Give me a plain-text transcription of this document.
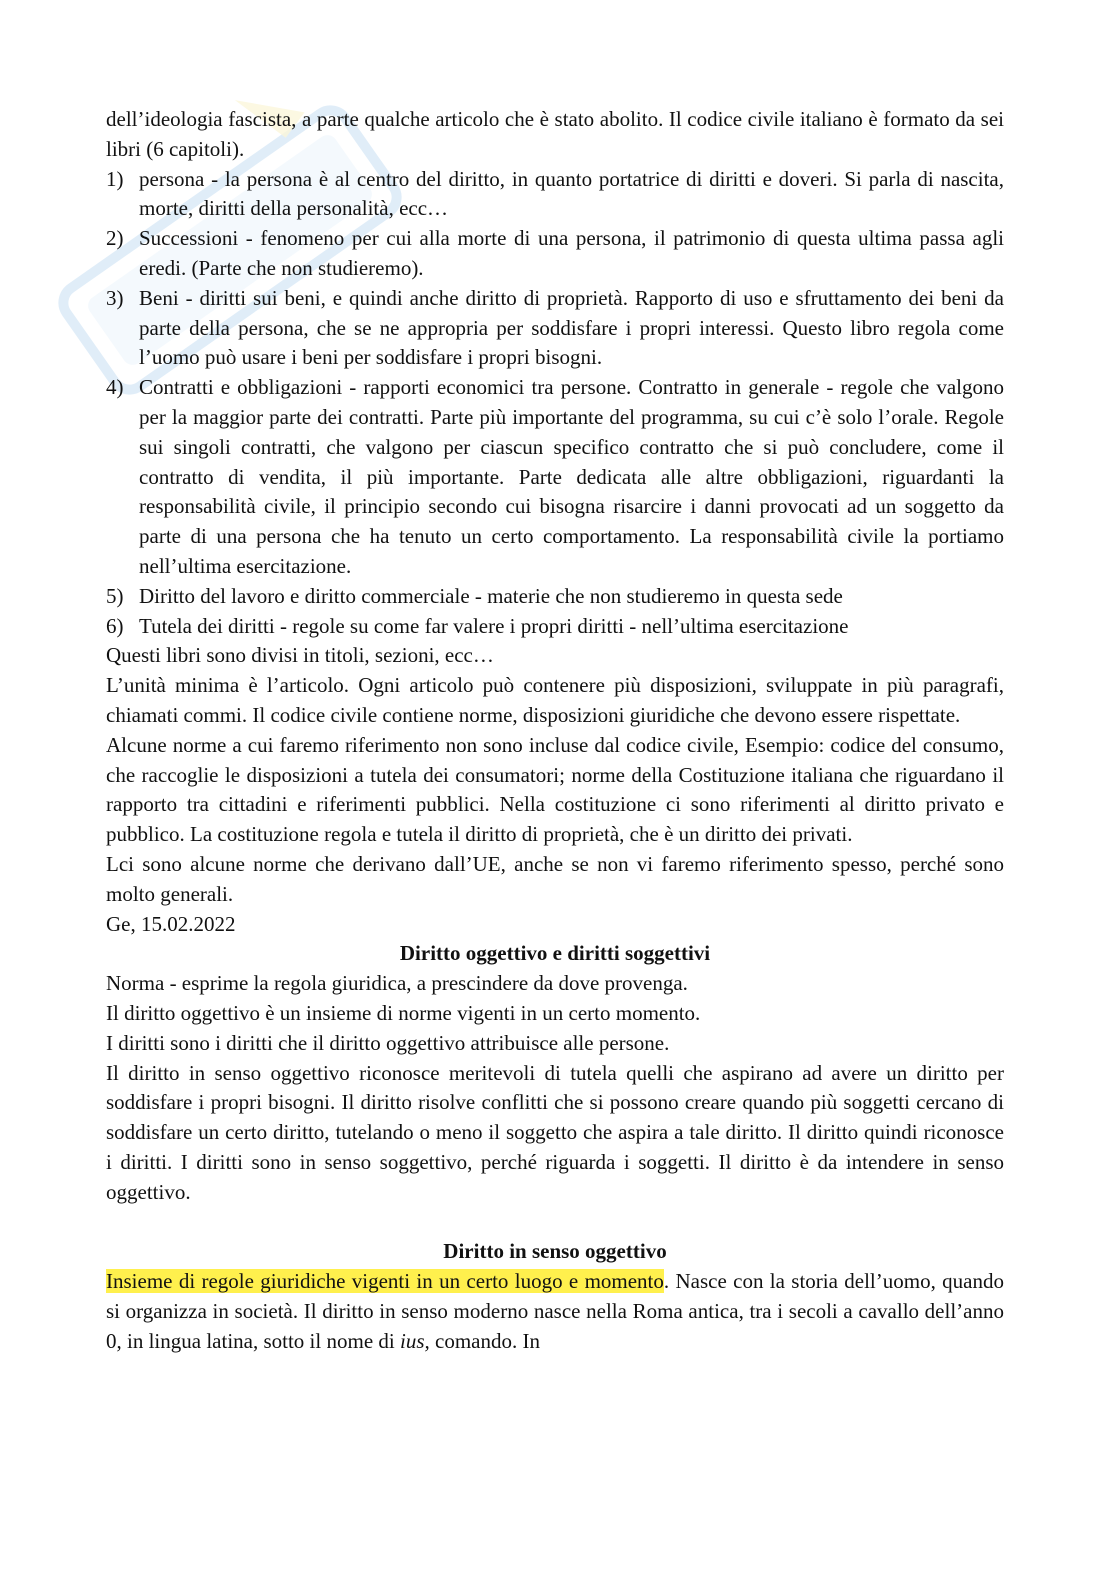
dell’ideologia fascista, a parte qualche articolo che è stato abolito. Il codice civile italiano è formato da sei libri (6 capitoli).

1) persona - la persona è al centro del diritto, in quanto portatrice di diritti e doveri. Si parla di nascita, morte, diritti della personalità, ecc…
2) Successioni - fenomeno per cui alla morte di una persona, il patrimonio di questa ultima passa agli eredi. (Parte che non studieremo).
3) Beni - diritti sui beni, e quindi anche diritto di proprietà. Rapporto di uso e sfruttamento dei beni da parte della persona, che se ne appropria per soddisfare i propri interessi. Questo libro regola come l’uomo può usare i beni per soddisfare i propri bisogni.
4) Contratti e obbligazioni - rapporti economici tra persone. Contratto in generale - regole che valgono per la maggior parte dei contratti. Parte più importante del programma, su cui c’è solo l’orale. Regole sui singoli contratti, che valgono per ciascun specifico contratto che si può concludere, come il contratto di vendita, il più importante. Parte dedicata alle altre obbligazioni, riguardanti la responsabilità civile, il principio secondo cui bisogna risarcire i danni provocati ad un soggetto da parte di una persona che ha tenuto un certo comportamento. La responsabilità civile la portiamo nell’ultima esercitazione.
5) Diritto del lavoro e diritto commerciale - materie che non studieremo in questa sede
6) Tutela dei diritti - regole su come far valere i propri diritti - nell’ultima esercitazione

Questi libri sono divisi in titoli, sezioni, ecc…

L’unità minima è l’articolo. Ogni articolo può contenere più disposizioni, sviluppate in più paragrafi, chiamati commi. Il codice civile contiene norme, disposizioni giuridiche che devono essere rispettate.

Alcune norme a cui faremo riferimento non sono incluse dal codice civile, Esempio: codice del consumo, che raccoglie le disposizioni a tutela dei consumatori; norme della Costituzione italiana che riguardano il rapporto tra cittadini e riferimenti pubblici. Nella costituzione ci sono riferimenti al diritto privato e pubblico. La costituzione regola e tutela il diritto di proprietà, che è un diritto dei privati.

Lci sono alcune norme che derivano dall’UE, anche se non vi faremo riferimento spesso, perché sono molto generali.

Ge, 15.02.2022

Diritto oggettivo e diritti soggettivi

Norma - esprime la regola giuridica, a prescindere da dove provenga.

Il diritto oggettivo è un insieme di norme vigenti in un certo momento.

I diritti sono i diritti che il diritto oggettivo attribuisce alle persone.

Il diritto in senso oggettivo riconosce meritevoli di tutela quelli che aspirano ad avere un diritto per soddisfare i propri bisogni. Il diritto risolve conflitti che si possono creare quando più soggetti cercano di soddisfare un certo diritto, tutelando o meno il soggetto che aspira a tale diritto. Il diritto quindi riconosce i diritti. I diritti sono in senso soggettivo, perché riguarda i soggetti. Il diritto è da intendere in senso oggettivo.

Diritto in senso oggettivo

Insieme di regole giuridiche vigenti in un certo luogo e momento. Nasce con la storia dell’uomo, quando si organizza in società. Il diritto in senso moderno nasce nella Roma antica, tra i secoli a cavallo dell’anno 0, in lingua latina, sotto il nome di ius, comando. In
